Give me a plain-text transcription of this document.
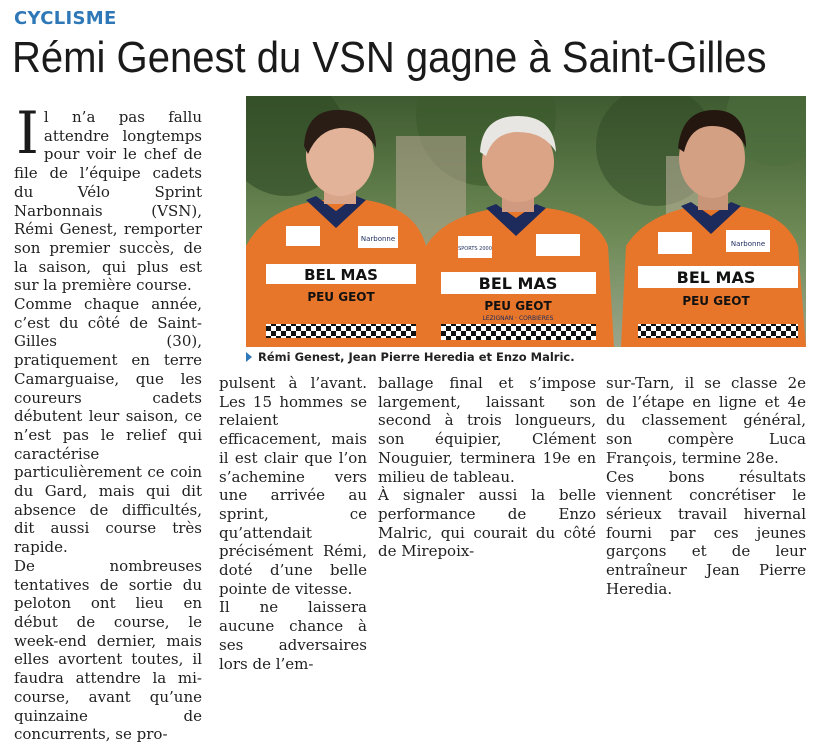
CYCLISME
Rémi Genest du VSN gagne à Saint-Gilles

Il n’a pas fallu attendre longtemps pour voir le chef de file de l’équipe cadets du Vélo Sprint Narbonnais (VSN), Rémi Genest, remporter son premier succès, de la saison, qui plus est sur la première course.

Comme chaque année, c’est du côté de Saint-Gilles (30), pratiquement en terre Camarguaise, que les coureurs cadets débutent leur saison, ce n’est pas le relief qui caractérise particulièrement ce coin du Gard, mais qui dit absence de difficultés, dit aussi course très rapide.

De nombreuses tentatives de sortie du peloton ont lieu en début de course, le week-end dernier, mais elles avortent toutes, il faudra attendre la mi-course, avant qu’une quinzaine de concurrents, se pro-

BEL MAS
PEU GEOT
Narbonne
BEL MAS
PEU GEOT
LEZIGNAN · CORBIERES
SPORTS 2000
BEL MAS
PEU GEOT
Narbonne
Rémi Genest, Jean Pierre Heredia et Enzo Malric.

pulsent à l’avant. Les 15 hommes se relaient efficacement, mais il est clair que l’on s’achemine vers une arrivée au sprint, ce qu’attendait précisément Rémi, doté d’une belle pointe de vitesse.

Il ne laissera aucune chance à ses adversaires lors de l’em-

ballage final et s’impose largement, laissant son second à trois longueurs, son équipier, Clément Nouguier, terminera 19e en milieu de tableau.

À signaler aussi la belle performance de Enzo Malric, qui courait du côté de Mirepoix-

sur-Tarn, il se classe 2e de l’étape en ligne et 4e du classement général, son compère Luca François, termine 28e.

Ces bons résultats viennent concrétiser le sérieux travail hivernal fourni par ces jeunes garçons et de leur entraîneur Jean Pierre Heredia.
